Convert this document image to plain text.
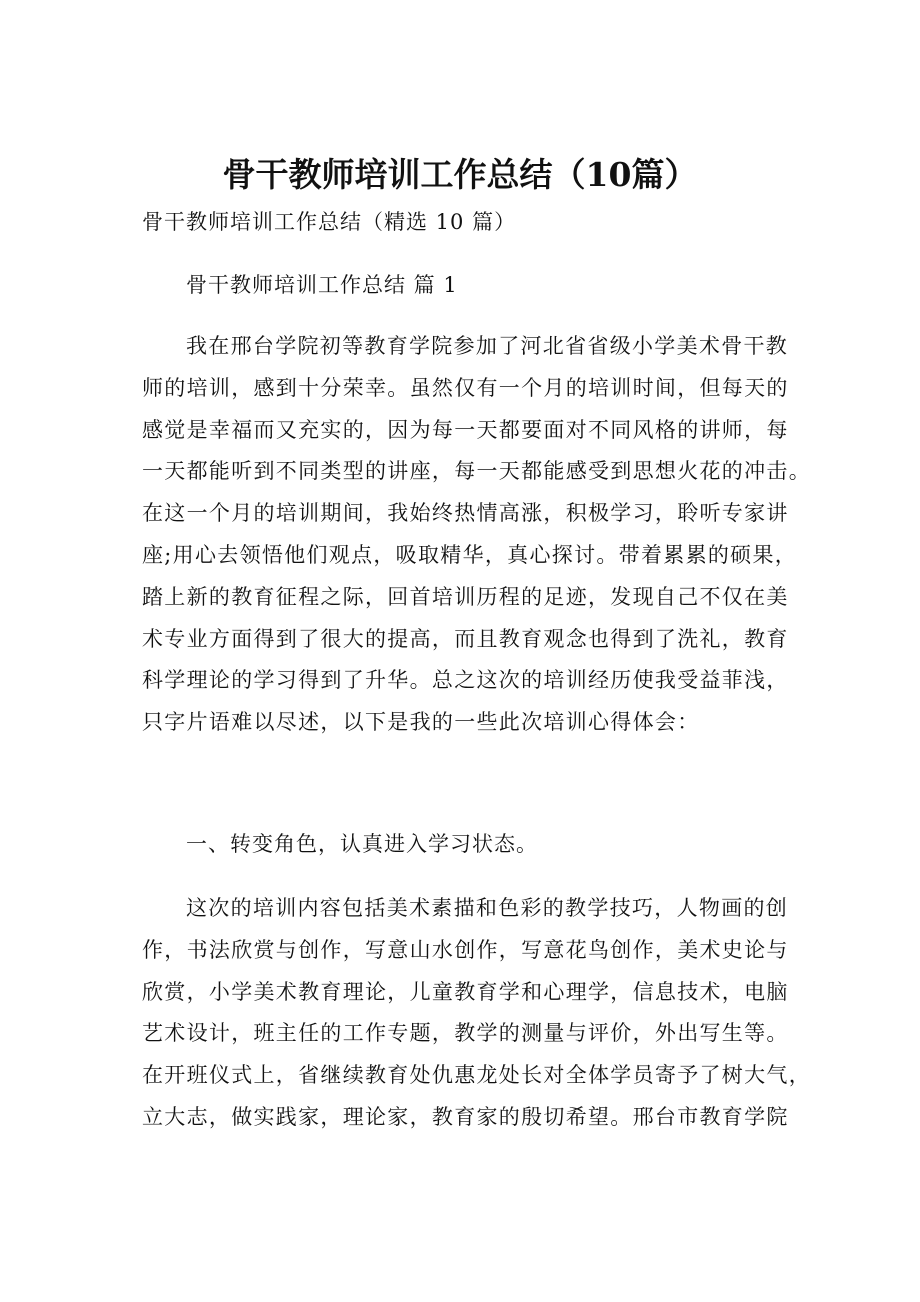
骨干教师培训工作总结（10篇）
骨干教师培训工作总结（精选 10 篇）
骨干教师培训工作总结 篇 1
我在邢台学院初等教育学院参加了河北省省级小学美术骨干教
师的培训，感到十分荣幸。虽然仅有一个月的培训时间，但每天的
感觉是幸福而又充实的，因为每一天都要面对不同风格的讲师，每
一天都能听到不同类型的讲座，每一天都能感受到思想火花的冲击。
在这一个月的培训期间，我始终热情高涨，积极学习，聆听专家讲
座;用心去领悟他们观点，吸取精华，真心探讨。带着累累的硕果，
踏上新的教育征程之际，回首培训历程的足迹，发现自己不仅在美
术专业方面得到了很大的提高，而且教育观念也得到了洗礼，教育
科学理论的学习得到了升华。总之这次的培训经历使我受益菲浅，
只字片语难以尽述，以下是我的一些此次培训心得体会：
一、转变角色，认真进入学习状态。
这次的培训内容包括美术素描和色彩的教学技巧，人物画的创
作，书法欣赏与创作，写意山水创作，写意花鸟创作，美术史论与
欣赏，小学美术教育理论，儿童教育学和心理学，信息技术，电脑
艺术设计，班主任的工作专题，教学的测量与评价，外出写生等。
在开班仪式上，省继续教育处仇惠龙处长对全体学员寄予了树大气，
立大志，做实践家，理论家，教育家的殷切希望。邢台市教育学院
